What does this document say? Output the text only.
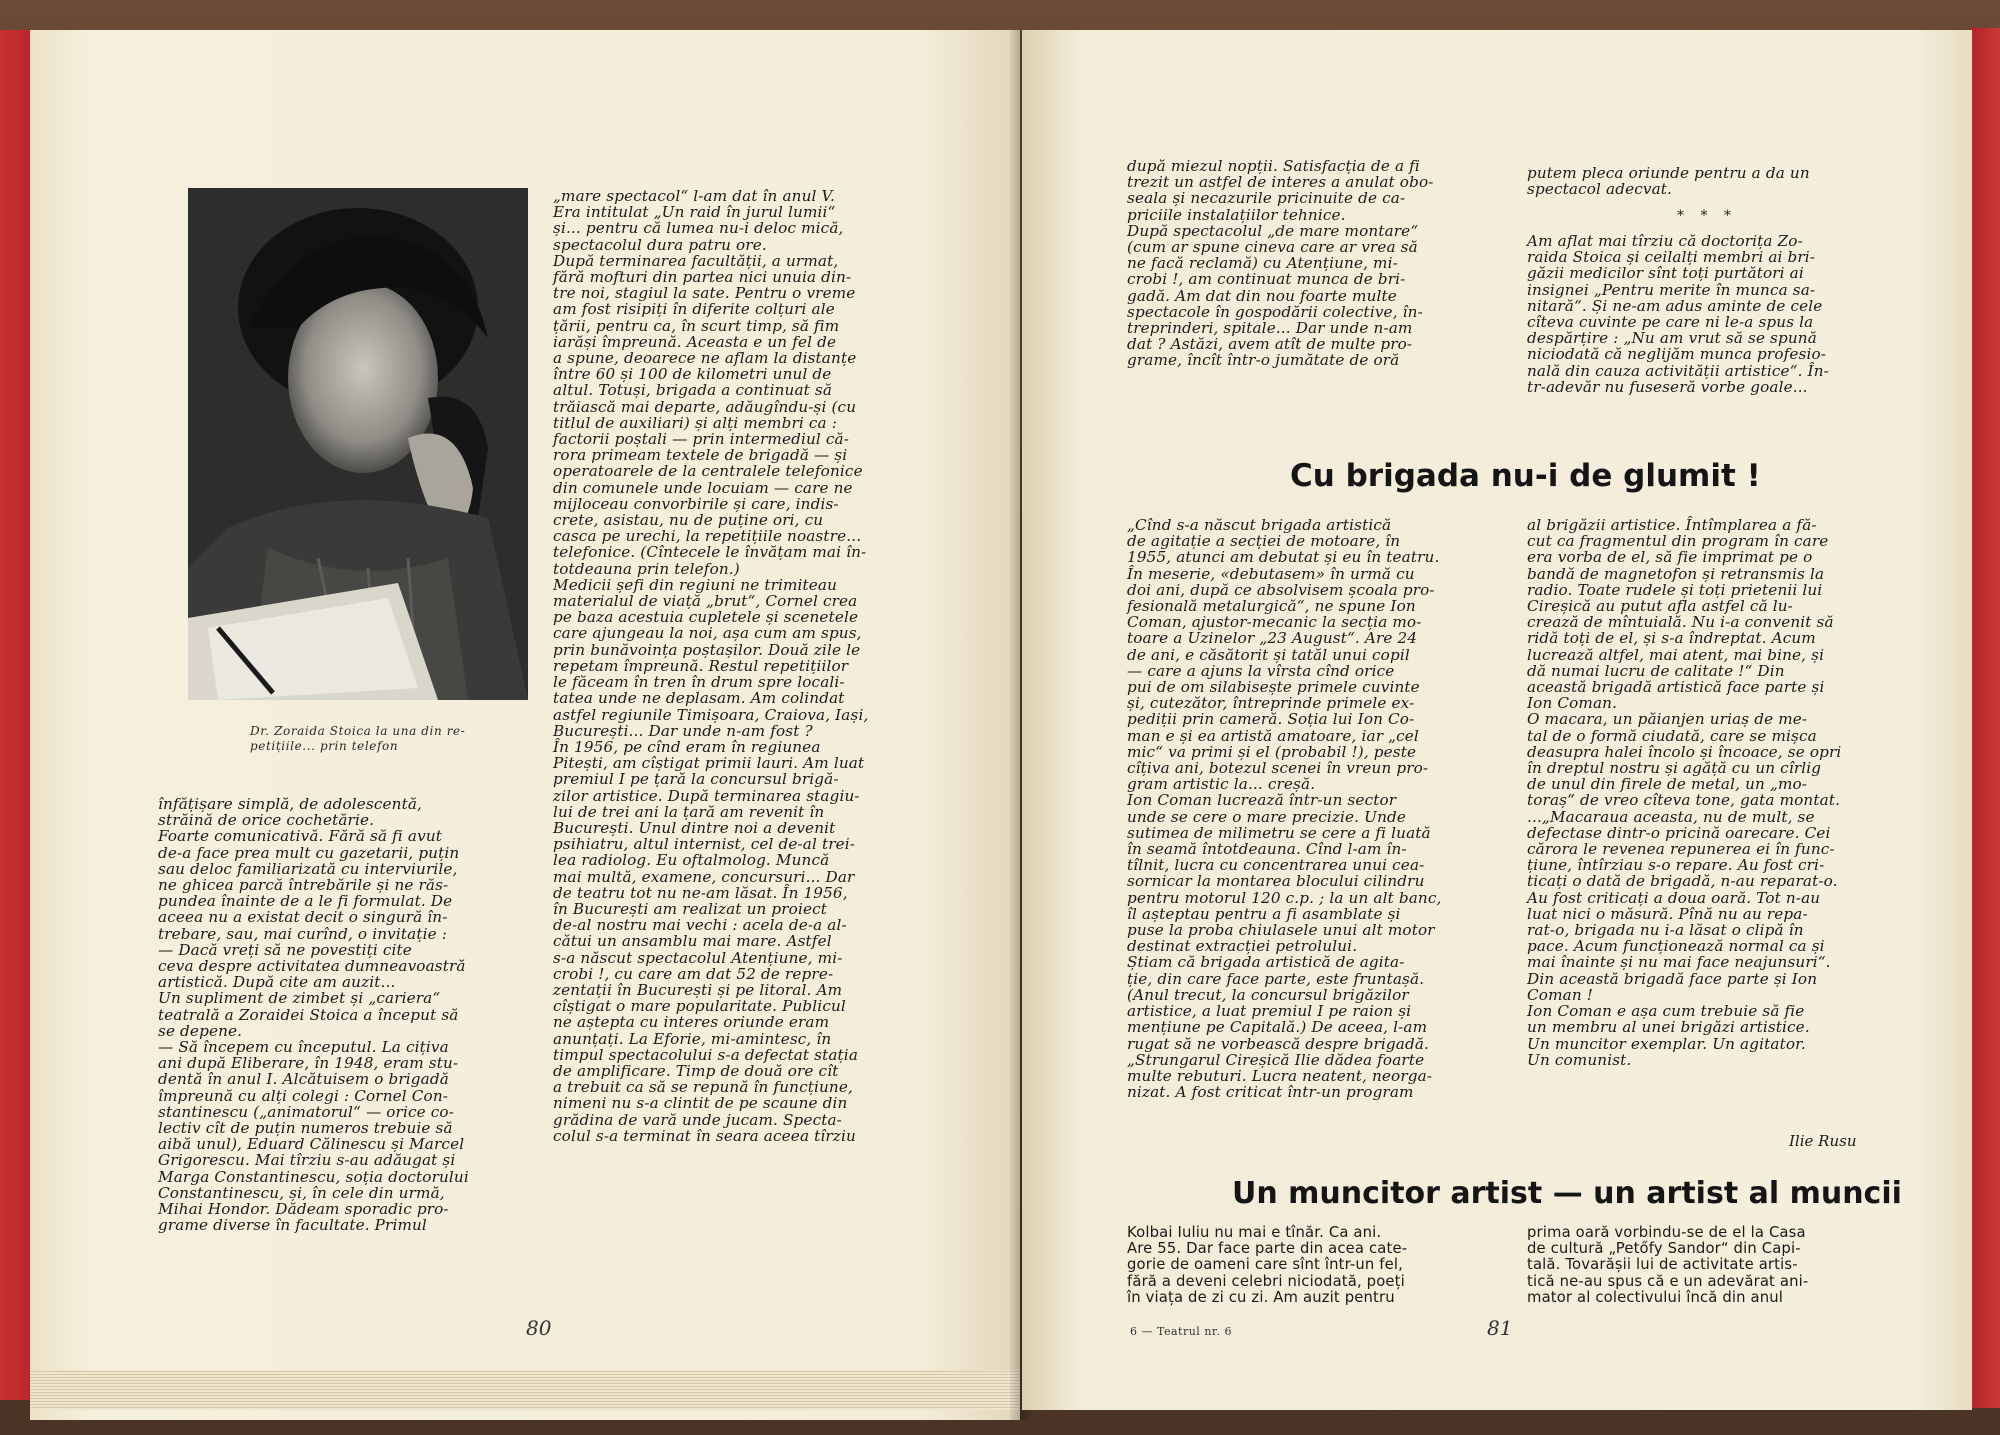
Dr. Zoraida Stoica la una din re-
petițiile... prin telefon
înfățișare simplă, de adolescentă,
străină de orice cochetărie.
Foarte comunicativă. Fără să fi avut
de-a face prea mult cu gazetarii, puțin
sau deloc familiarizată cu interviurile,
ne ghicea parcă întrebările și ne răs-
pundea înainte de a le fi formulat. De
aceea nu a existat decit o singură în-
trebare, sau, mai curînd, o invitație :
— Dacă vreți să ne povestiți cite
ceva despre activitatea dumneavoastră
artistică. După cite am auzit...
Un supliment de zimbet și „cariera“
teatrală a Zoraidei Stoica a început să
se depene.
— Să începem cu începutul. La cițiva
ani după Eliberare, în 1948, eram stu-
dentă în anul I. Alcătuisem o brigadă
împreună cu alți colegi : Cornel Con-
stantinescu („animatorul“ — orice co-
lectiv cît de puțin numeros trebuie să
aibă unul), Eduard Călinescu și Marcel
Grigorescu. Mai tîrziu s-au adăugat și
Marga Constantinescu, soția doctorului
Constantinescu, și, în cele din urmă,
Mihai Hondor. Dădeam sporadic pro-
grame diverse în facultate. Primul
„mare spectacol“ l-am dat în anul V.
Era intitulat „Un raid în jurul lumii“
și... pentru că lumea nu-i deloc mică,
spectacolul dura patru ore.
După terminarea facultății, a urmat,
fără mofturi din partea nici unuia din-
tre noi, stagiul la sate. Pentru o vreme
am fost risipiți în diferite colțuri ale
țării, pentru ca, în scurt timp, să fim
iarăși împreună. Aceasta e un fel de
a spune, deoarece ne aflam la distanțe
între 60 și 100 de kilometri unul de
altul. Totuși, brigada a continuat să
trăiască mai departe, adăugîndu-și (cu
titlul de auxiliari) și alți membri ca :
factorii poștali — prin intermediul că-
rora primeam textele de brigadă — și
operatoarele de la centralele telefonice
din comunele unde locuiam — care ne
mijloceau convorbirile și care, indis-
crete, asistau, nu de puține ori, cu
casca pe urechi, la repetițiile noastre...
telefonice. (Cîntecele le învățam mai în-
totdeauna prin telefon.)
Medicii șefi din regiuni ne trimiteau
materialul de viață „brut“, Cornel crea
pe baza acestuia cupletele și scenetele
care ajungeau la noi, așa cum am spus,
prin bunăvoința poștașilor. Două zile le
repetam împreună. Restul repetițiilor
le făceam în tren în drum spre locali-
tatea unde ne deplasam. Am colindat
astfel regiunile Timișoara, Craiova, Iași,
București... Dar unde n-am fost ?
În 1956, pe cînd eram în regiunea
Pitești, am cîștigat primii lauri. Am luat
premiul I pe țară la concursul brigă-
zilor artistice. După terminarea stagiu-
lui de trei ani la țară am revenit în
București. Unul dintre noi a devenit
psihiatru, altul internist, cel de-al trei-
lea radiolog. Eu oftalmolog. Muncă
mai multă, examene, concursuri... Dar
de teatru tot nu ne-am lăsat. În 1956,
în București am realizat un proiect
de-al nostru mai vechi : acela de-a al-
cătui un ansamblu mai mare. Astfel
s-a născut spectacolul Atențiune, mi-
crobi !, cu care am dat 52 de repre-
zentații în București și pe litoral. Am
cîștigat o mare popularitate. Publicul
ne aștepta cu interes oriunde eram
anunțați. La Eforie, mi-amintesc, în
timpul spectacolului s-a defectat stația
de amplificare. Timp de două ore cît
a trebuit ca să se repună în funcțiune,
nimeni nu s-a clintit de pe scaune din
grădina de vară unde jucam. Specta-
colul s-a terminat în seara aceea tîrziu
80
după miezul nopții. Satisfacția de a fi
trezit un astfel de interes a anulat obo-
seala și necazurile pricinuite de ca-
priciile instalațiilor tehnice.
După spectacolul „de mare montare“
(cum ar spune cineva care ar vrea să
ne facă reclamă) cu Atențiune, mi-
crobi !, am continuat munca de bri-
gadă. Am dat din nou foarte multe
spectacole în gospodării colective, în-
treprinderi, spitale... Dar unde n-am
dat ? Astăzi, avem atît de multe pro-
grame, încît într-o jumătate de oră
putem pleca oriunde pentru a da un
spectacol adecvat.
* * *
Am aflat mai tîrziu că doctorița Zo-
raida Stoica și ceilalți membri ai bri-
găzii medicilor sînt toți purtători ai
insignei „Pentru merite în munca sa-
nitară“. Și ne-am adus aminte de cele
cîteva cuvinte pe care ni le-a spus la
despărțire : „Nu am vrut să se spună
niciodată că neglijăm munca profesio-
nală din cauza activității artistice“. În-
tr-adevăr nu fuseseră vorbe goale...
Cu brigada nu-i de glumit !
„Cînd s-a născut brigada artistică
de agitație a secției de motoare, în
1955, atunci am debutat și eu în teatru.
În meserie, «debutasem» în urmă cu
doi ani, după ce absolvisem școala pro-
fesională metalurgică“, ne spune Ion
Coman, ajustor-mecanic la secția mo-
toare a Uzinelor „23 August“. Are 24
de ani, e căsătorit și tatăl unui copil
— care a ajuns la vîrsta cînd orice
pui de om silabisește primele cuvinte
și, cutezător, întreprinde primele ex-
pediții prin cameră. Soția lui Ion Co-
man e și ea artistă amatoare, iar „cel
mic“ va primi și el (probabil !), peste
cîțiva ani, botezul scenei în vreun pro-
gram artistic la... creșă.
Ion Coman lucrează într-un sector
unde se cere o mare precizie. Unde
sutimea de milimetru se cere a fi luată
în seamă întotdeauna. Cînd l-am în-
tîlnit, lucra cu concentrarea unui cea-
sornicar la montarea blocului cilindru
pentru motorul 120 c.p. ; la un alt banc,
îl așteptau pentru a fi asamblate și
puse la proba chiulasele unui alt motor
destinat extracției petrolului.
Știam că brigada artistică de agita-
ție, din care face parte, este fruntașă.
(Anul trecut, la concursul brigăzilor
artistice, a luat premiul I pe raion și
mențiune pe Capitală.) De aceea, l-am
rugat să ne vorbească despre brigadă.
„Strungarul Cireșică Ilie dădea foarte
multe rebuturi. Lucra neatent, neorga-
nizat. A fost criticat într-un program
al brigăzii artistice. Întîmplarea a fă-
cut ca fragmentul din program în care
era vorba de el, să fie imprimat pe o
bandă de magnetofon și retransmis la
radio. Toate rudele și toți prietenii lui
Cireșică au putut afla astfel că lu-
crează de mîntuială. Nu i-a convenit să
ridă toți de el, și s-a îndreptat. Acum
lucrează altfel, mai atent, mai bine, și
dă numai lucru de calitate !“ Din
această brigadă artistică face parte și
Ion Coman.
O macara, un păianjen uriaș de me-
tal de o formă ciudată, care se mișca
deasupra halei încolo și încoace, se opri
în dreptul nostru și agăță cu un cîrlig
de unul din firele de metal, un „mo-
toraș“ de vreo cîteva tone, gata montat.
...„Macaraua aceasta, nu de mult, se
defectase dintr-o pricină oarecare. Cei
cărora le revenea repunerea ei în func-
țiune, întîrziau s-o repare. Au fost cri-
ticați o dată de brigadă, n-au reparat-o.
Au fost criticați a doua oară. Tot n-au
luat nici o măsură. Pînă nu au repa-
rat-o, brigada nu i-a lăsat o clipă în
pace. Acum funcționează normal ca și
mai înainte și nu mai face neajunsuri“.
Din această brigadă face parte și Ion
Coman !
Ion Coman e așa cum trebuie să fie
un membru al unei brigăzi artistice.
Un muncitor exemplar. Un agitator.
Un comunist.
Ilie Rusu
Un muncitor artist — un artist al muncii
Kolbai Iuliu nu mai e tînăr. Ca ani.
Are 55. Dar face parte din acea cate-
gorie de oameni care sînt într-un fel,
fără a deveni celebri niciodată, poeți
în viața de zi cu zi. Am auzit pentru
prima oară vorbindu-se de el la Casa
de cultură „Petőfy Sandor“ din Capi-
tală. Tovarășii lui de activitate artis-
tică ne-au spus că e un adevărat ani-
mator al colectivului încă din anul
6 — Teatrul nr. 6	81
